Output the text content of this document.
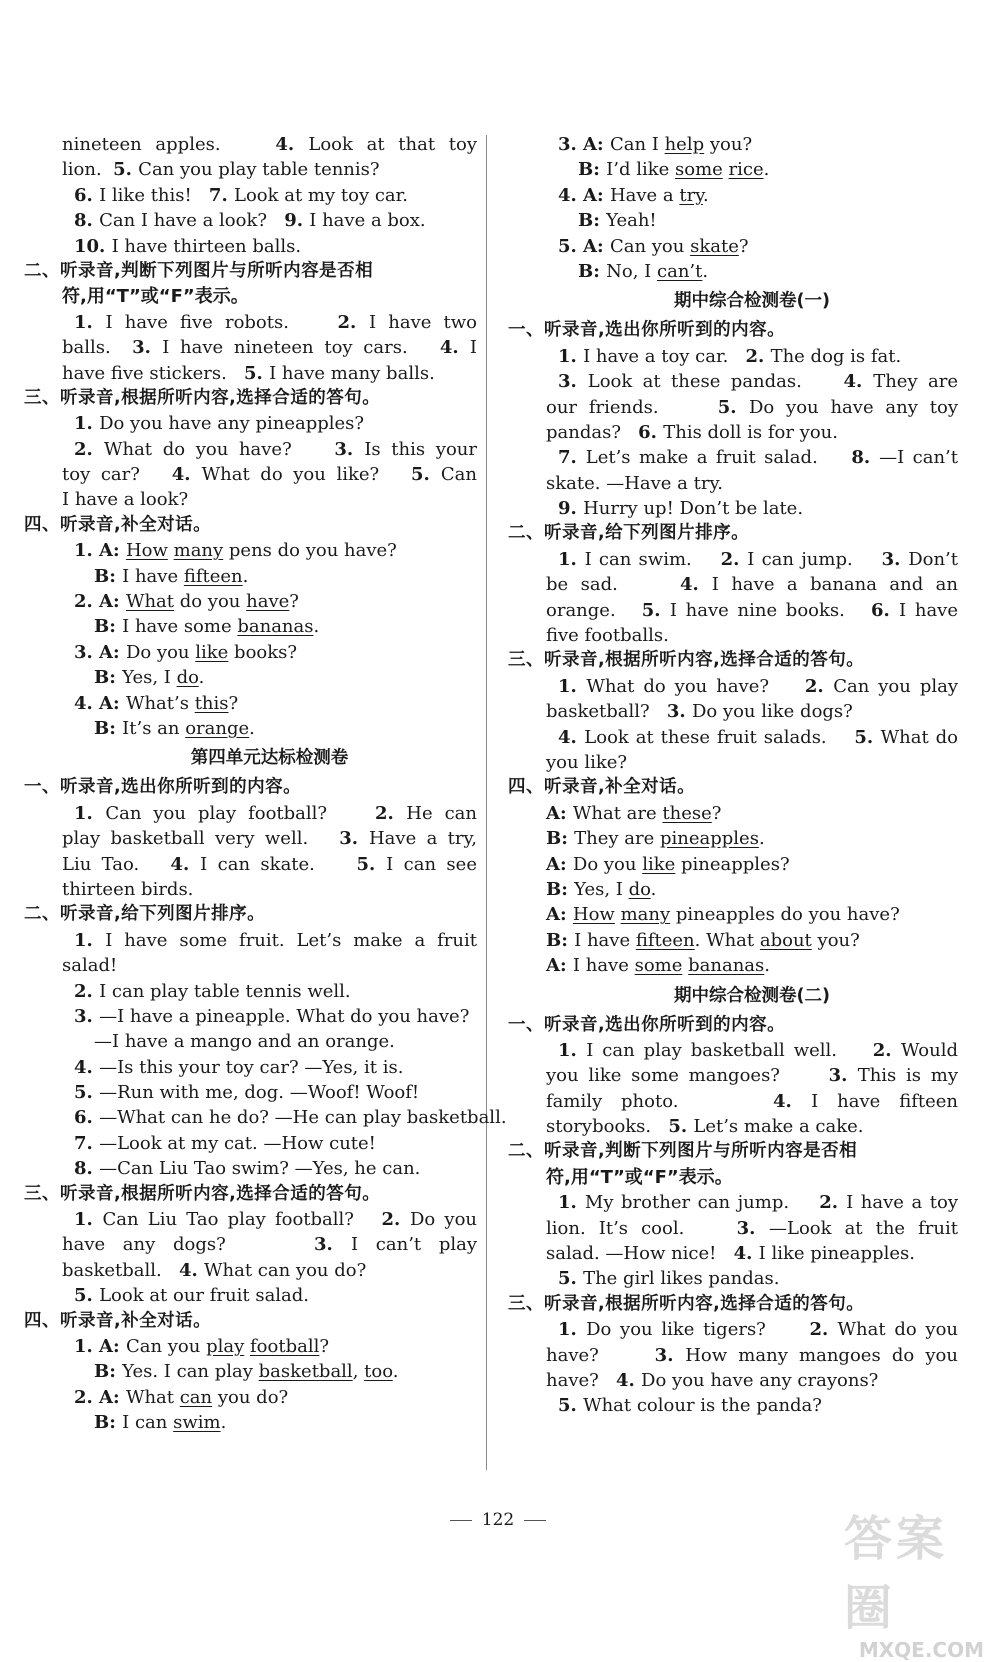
nineteen apples.    4. Look at that toy
lion.  5. Can you play table tennis?
6. I like this!   7. Look at my toy car.
8. Can I have a look?   9. I have a box.
10. I have thirteen balls.
二、听录音,判断下列图片与所听内容是否相
符,用“T”或“F”表示。
1. I have five robots.    2. I have two
balls.  3. I have nineteen toy cars.   4. I
have five stickers.   5. I have many balls.
三、听录音,根据所听内容,选择合适的答句。
1. Do you have any pineapples?
2. What do you have?    3. Is this your
toy car?   4. What do you like?   5. Can
I have a look?
四、听录音,补全对话。
1. A: How many pens do you have?
B: I have fifteen.
2. A: What do you have?
B: I have some bananas.
3. A: Do you like books?
B: Yes, I do.
4. A: What’s this?
B: It’s an orange.
第四单元达标检测卷
一、听录音,选出你所听到的内容。
1. Can you play football?    2. He can
play basketball very well.   3. Have a try,
Liu Tao.   4. I can skate.    5. I can see
thirteen birds.
二、听录音,给下列图片排序。
1. I have some fruit. Let’s make a fruit
salad!
2. I can play table tennis well.
3. —I have a pineapple. What do you have?
—I have a mango and an orange.
4. —Is this your toy car? —Yes, it is.
5. —Run with me, dog. —Woof! Woof!
6. —What can he do? —He can play basketball.
7. —Look at my cat. —How cute!
8. —Can Liu Tao swim? —Yes, he can.
三、听录音,根据所听内容,选择合适的答句。
1. Can Liu Tao play football?   2. Do you
have any dogs?     3. I can’t play
basketball.   4. What can you do?
5. Look at our fruit salad.
四、听录音,补全对话。
1. A: Can you play football?
B: Yes. I can play basketball, too.
2. A: What can you do?
B: I can swim.
3. A: Can I help you?
B: I’d like some rice.
4. A: Have a try.
B: Yeah!
5. A: Can you skate?
B: No, I can’t.
期中综合检测卷(一)
一、听录音,选出你所听到的内容。
1. I have a toy car.   2. The dog is fat.
3. Look at these pandas.    4. They are
our friends.     5. Do you have any toy
pandas?   6. This doll is for you.
7. Let’s make a fruit salad.    8. —I can’t
skate. —Have a try.
9. Hurry up! Don’t be late.
二、听录音,给下列图片排序。
1. I can swim.    2. I can jump.    3. Don’t
be sad.     4. I have a banana and an
orange.   5. I have nine books.   6. I have
five footballs.
三、听录音,根据所听内容,选择合适的答句。
1. What do you have?    2. Can you play
basketball?   3. Do you like dogs?
4. Look at these fruit salads.    5. What do
you like?
四、听录音,补全对话。
A: What are these?
B: They are pineapples.
A: Do you like pineapples?
B: Yes, I do.
A: How many pineapples do you have?
B: I have fifteen. What about you?
A: I have some bananas.
期中综合检测卷(二)
一、听录音,选出你所听到的内容。
1. I can play basketball well.    2. Would
you like some mangoes?     3. This is my
family photo.     4. I have fifteen
storybooks.   5. Let’s make a cake.
二、听录音,判断下列图片与所听内容是否相
符,用“T”或“F”表示。
1. My brother can jump.    2. I have a toy
lion. It’s cool.    3. —Look at the fruit
salad. —How nice!   4. I like pineapples.
5. The girl likes pandas.
三、听录音,根据所听内容,选择合适的答句。
1. Do you like tigers?     2. What do you
have?     3. How many mangoes do you
have?   4. Do you have any crayons?
5. What colour is the panda?
122	答案圈
MXQE.COM
